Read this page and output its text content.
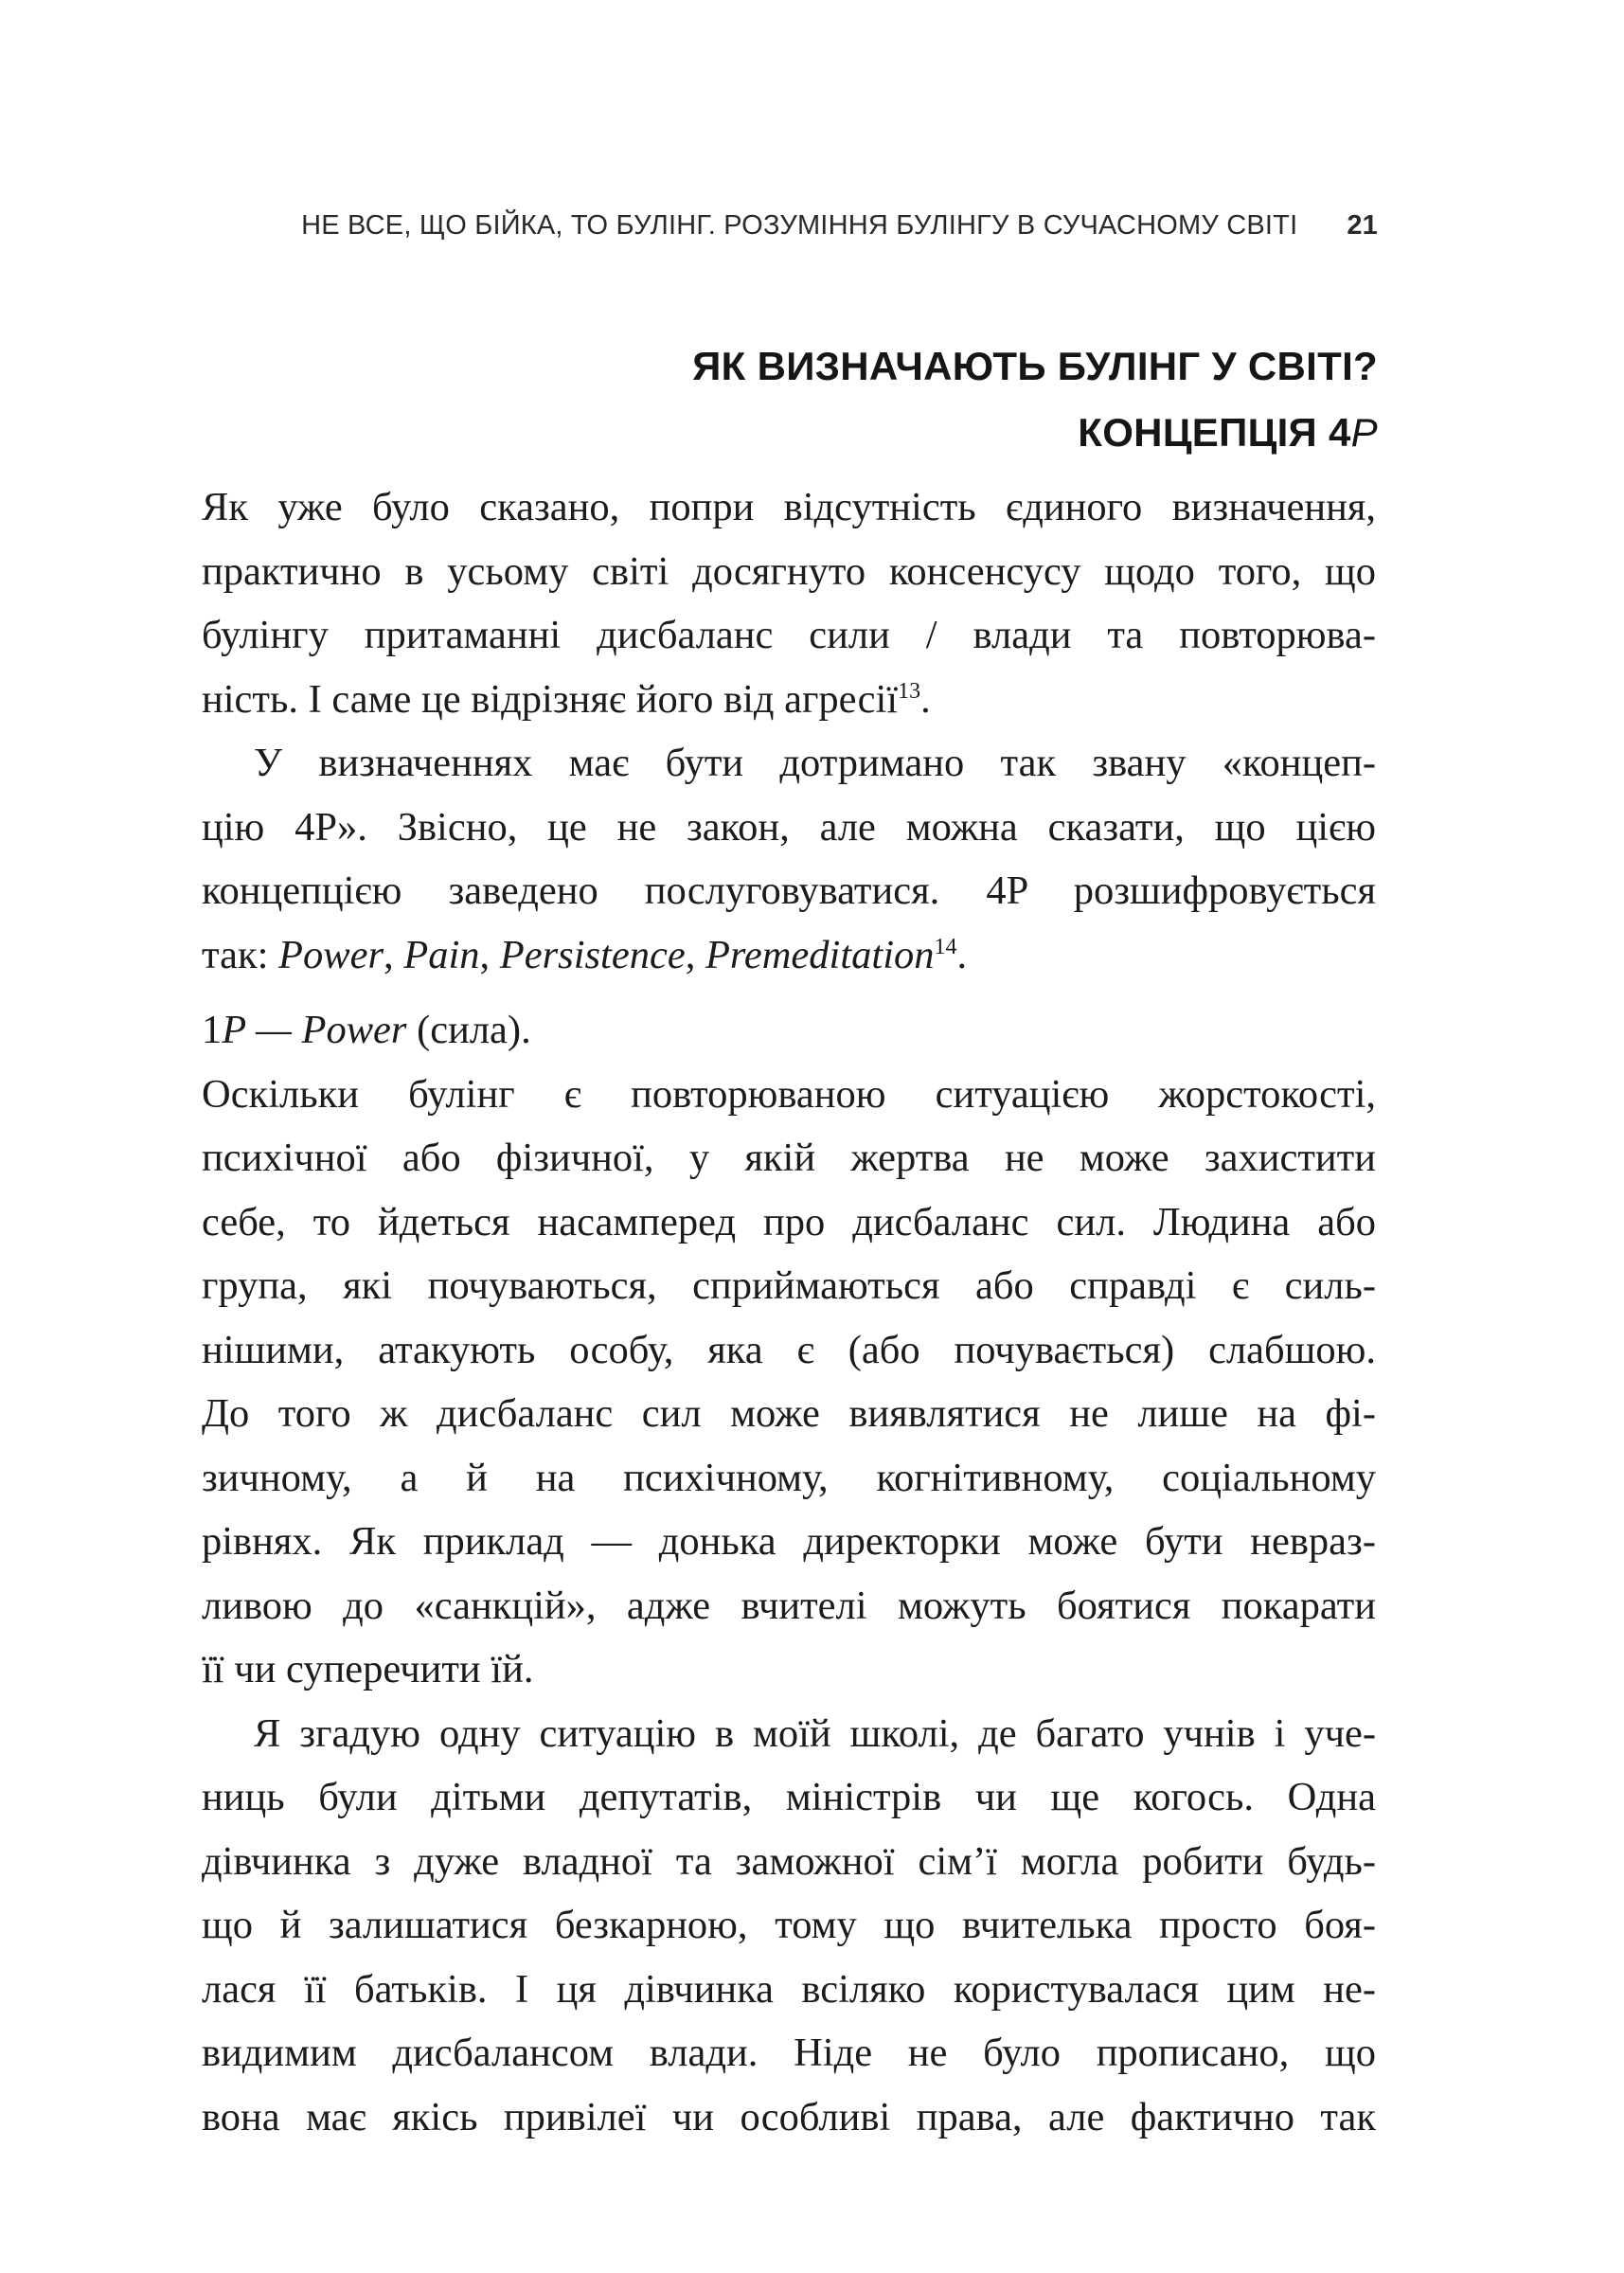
НЕ ВСЕ, ЩО БІЙКА, ТО БУЛІНГ. РОЗУМІННЯ БУЛІНГУ В СУЧАСНОМУ СВІТІ 21
ЯК ВИЗНАЧАЮТЬ БУЛІНГ У СВІТІ?
КОНЦЕПЦІЯ 4P
Як уже було сказано, попри відсутність єдиного визначення,
практично в усьому світі досягнуто консенсусу щодо того, що
булінгу притаманні дисбаланс сили / влади та повторюва-
ність. І саме це відрізняє його від агресії$^{13}$.
У визначеннях має бути дотримано так звану «концеп-
цію 4P». Звісно, це не закон, але можна сказати, що цією
концепцією заведено послуговуватися. 4P розшифровується
так: Power, Pain, Persistence, Premeditation$^{14}$.
1P — Power (сила).
Оскільки булінг є повторюваною ситуацією жорстокості,
психічної або фізичної, у якій жертва не може захистити
себе, то йдеться насамперед про дисбаланс сил. Людина або
група, які почуваються, сприймаються або справді є силь-
нішими, атакують особу, яка є (або почувається) слабшою.
До того ж дисбаланс сил може виявлятися не лише на фі-
зичному, а й на психічному, когнітивному, соціальному
рівнях. Як приклад — донька директорки може бути невраз-
ливою до «санкцій», адже вчителі можуть боятися покарати
її чи суперечити їй.
Я згадую одну ситуацію в моїй школі, де багато учнів і уче-
ниць були дітьми депутатів, міністрів чи ще когось. Одна
дівчинка з дуже владної та заможної сім’ї могла робити будь-
що й залишатися безкарною, тому що вчителька просто боя-
лася її батьків. І ця дівчинка всіляко користувалася цим не-
видимим дисбалансом влади. Ніде не було прописано, що
вона має якісь привілеї чи особливі права, але фактично так
